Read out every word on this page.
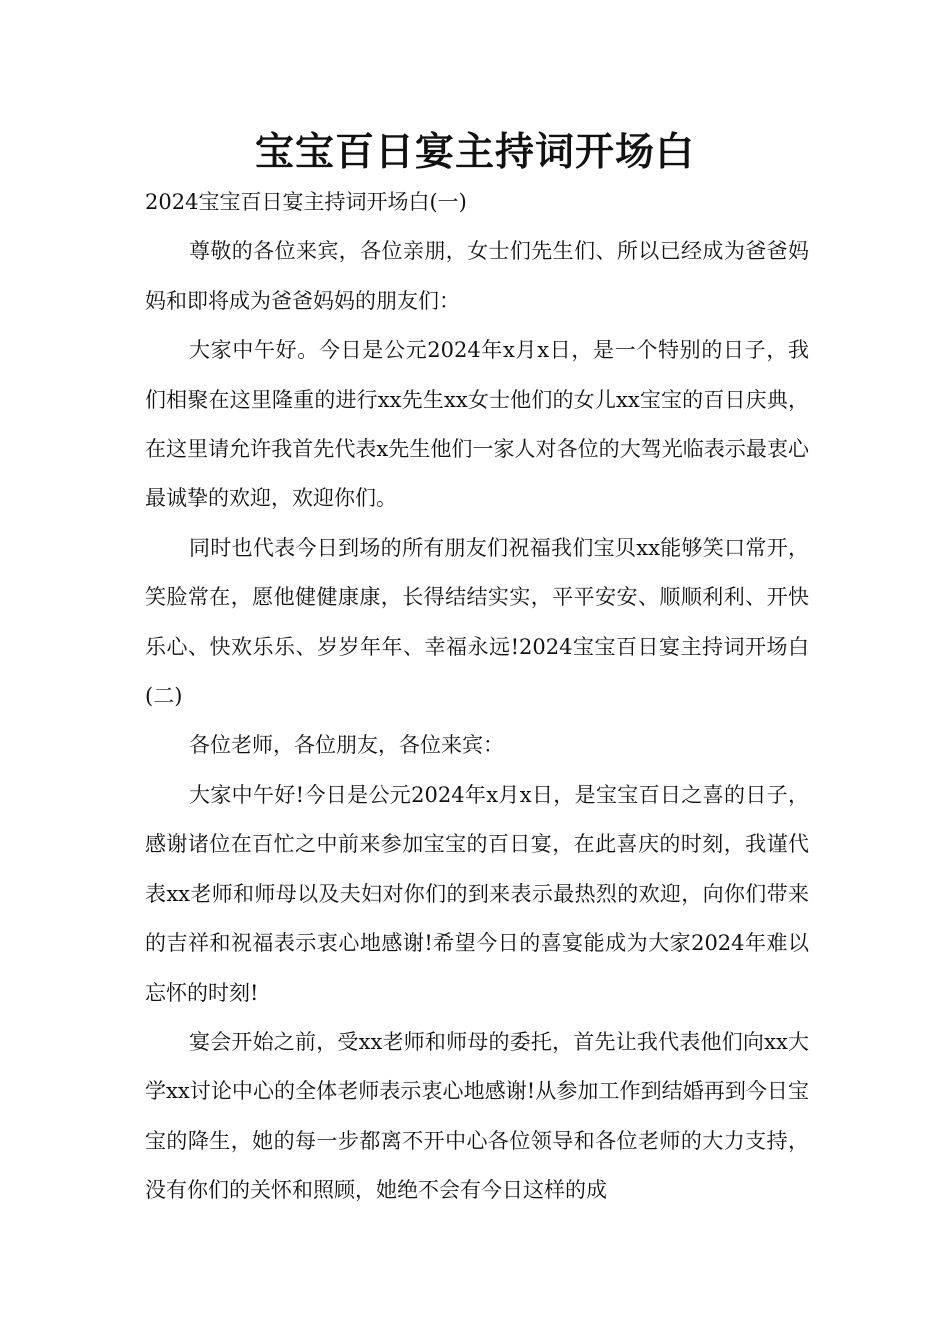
宝宝百日宴主持词开场白

2024宝宝百日宴主持词开场白(一)

尊敬的各位来宾，各位亲朋，女士们先生们、所以已经成为爸爸妈妈和即将成为爸爸妈妈的朋友们：

大家中午好。今日是公元2024年x月x日，是一个特别的日子，我们相聚在这里隆重的进行xx先生xx女士他们的女儿xx宝宝的百日庆典，在这里请允许我首先代表x先生他们一家人对各位的大驾光临表示最衷心最诚挚的欢迎，欢迎你们。

同时也代表今日到场的所有朋友们祝福我们宝贝xx能够笑口常开，笑脸常在，愿他健健康康，长得结结实实，平平安安、顺顺利利、开快乐心、快欢乐乐、岁岁年年、幸福永远!2024宝宝百日宴主持词开场白(二)

各位老师，各位朋友，各位来宾：

大家中午好!今日是公元2024年x月x日，是宝宝百日之喜的日子，感谢诸位在百忙之中前来参加宝宝的百日宴，在此喜庆的时刻，我谨代表xx老师和师母以及夫妇对你们的到来表示最热烈的欢迎，向你们带来的吉祥和祝福表示衷心地感谢!希望今日的喜宴能成为大家2024年难以忘怀的时刻!

宴会开始之前，受xx老师和师母的委托，首先让我代表他们向xx大学xx讨论中心的全体老师表示衷心地感谢!从参加工作到结婚再到今日宝宝的降生，她的每一步都离不开中心各位领导和各位老师的大力支持，没有你们的关怀和照顾，她绝不会有今日这样的成
